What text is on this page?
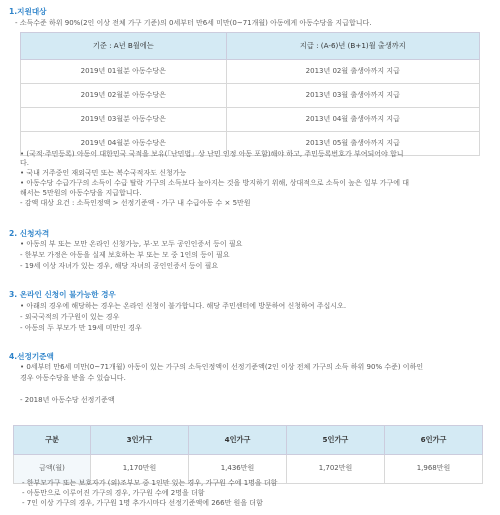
1.지원대상
- 소득수준 하위 90%(2인 이상 전체 가구 기준)의 0세부터 만6세 미만(0~71개월) 아동에게 아동수당을 지급합니다.
기준 : A년 B월에는	지급 : (A-6)년 (B+1)월 출생까지
2019년 01월분 아동수당은	2013년 02월 출생아까지 지급
2019년 02월분 아동수당은	2013년 03월 출생아까지 지급
2019년 03월분 아동수당은	2013년 04월 출생아까지 지급
2019년 04월분 아동수당은	2013년 05월 출생아까지 지급
• (국적·주민등록) 아동이 대한민국 국적을 보유(「난민법」상 난민 인정 아동 포함)해야 하고, 주민등록번호가 부여되어야 합니
다.
• 국내 거주중인 재외국민 또는 복수국적자도 신청가능
• 아동수당 수급가구의 소득이 수급 탈락 가구의 소득보다 높아지는 것을 방지하기 위해, 상대적으로 소득이 높은 일부 가구에 대
해서는 5만원의 아동수당을 지급합니다.
- 감액 대상 요건 : 소득인정액 > 선정기준액 - 가구 내 수급아동 수 × 5만원
2. 신청자격
• 아동의 부 또는 모만 온라인 신청가능, 부·모 모두 공인인증서 등이 필요
- 한부모 가정은 아동을 실제 보호하는 부 또는 모 중 1인의 등이 필요
- 19세 이상 자녀가 있는 경우, 해당 자녀의 공인인증서 등이 필요
3. 온라인 신청이 불가능한 경우
• 아래의 경우에 해당하는 경우는 온라인 신청이 불가합니다. 해당 주민센터에 방문하여 신청하여 주십시오.
- 외국국적의 가구원이 있는 경우
- 아동의 두 부모가 만 19세 미만인 경우
4.선정기준액
• 0세부터 만6세 미만(0~71개월) 아동이 있는 가구의 소득인정액이 선정기준액(2인 이상 전체 가구의 소득 하위 90% 수준) 이하인
경우 아동수당을 받을 수 있습니다.
- 2018년 아동수당 선정기준액
구분	3인가구	4인가구	5인가구	6인가구
금액(월)	1,170만원	1,436만원	1,702만원	1,968만원
- 한부모가구 또는 보호자가 (외)조부모 중 1인만 있는 경우, 가구원 수에 1명을 더함
- 아동만으로 이루어진 가구의 경우, 가구원 수에 2명을 더함
- 7인 이상 가구의 경우, 가구원 1명 추가시마다 선정기준액에 266만 원을 더함
